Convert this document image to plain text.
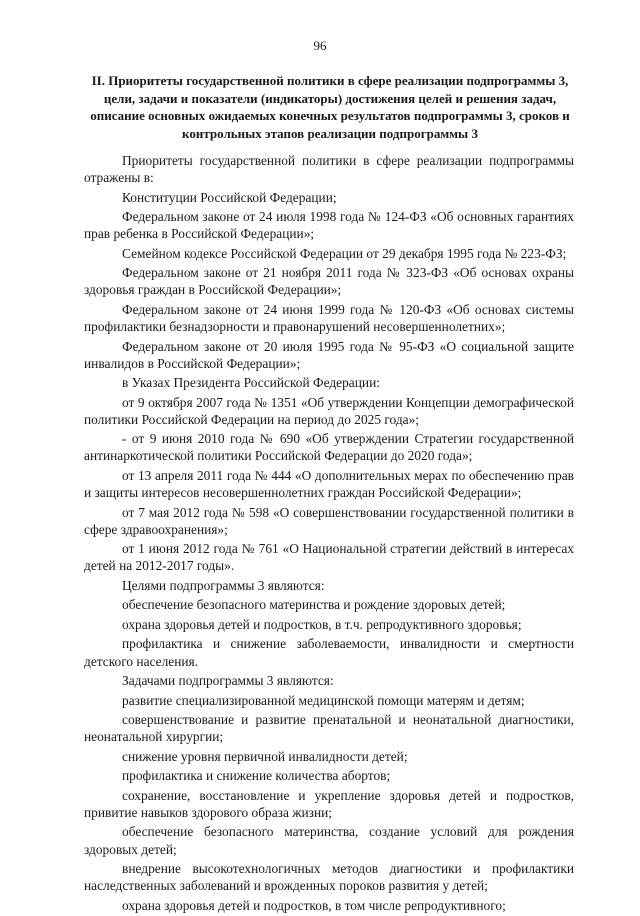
96
II. Приоритеты государственной политики в сфере реализации подпрограммы 3, цели, задачи и показатели (индикаторы) достижения целей и решения задач, описание основных ожидаемых конечных результатов подпрограммы 3, сроков и контрольных этапов реализации подпрограммы 3

Приоритеты государственной политики в сфере реализации подпрограммы отражены в:

Конституции Российской Федерации;

Федеральном законе от 24 июля 1998 года № 124-ФЗ «Об основных гарантиях прав ребенка в Российской Федерации»;

Семейном кодексе Российской Федерации от 29 декабря 1995 года № 223-ФЗ;

Федеральном законе от 21 ноября 2011 года № 323-ФЗ «Об основах охраны здоровья граждан в Российской Федерации»;

Федеральном законе от 24 июня 1999 года № 120-ФЗ «Об основах системы профилактики безнадзорности и правонарушений несовершеннолетних»;

Федеральном законе от 20 июля 1995 года № 95-ФЗ «О социальной защите инвалидов в Российской Федерации»;

в Указах Президента Российской Федерации:

от 9 октября 2007 года № 1351 «Об утверждении Концепции демографической политики Российской Федерации на период до 2025 года»;

- от 9 июня 2010 года № 690 «Об утверждении Стратегии государственной антинаркотической политики Российской Федерации до 2020 года»;

от 13 апреля 2011 года № 444 «О дополнительных мерах по обеспечению прав и защиты интересов несовершеннолетних граждан Российской Федерации»;

от 7 мая 2012 года № 598 «О совершенствовании государственной политики в сфере здравоохранения»;

от 1 июня 2012 года № 761 «О Национальной стратегии действий в интересах детей на 2012-2017 годы».

Целями подпрограммы 3 являются:

обеспечение безопасного материнства и рождение здоровых детей;

охрана здоровья детей и подростков, в т.ч. репродуктивного здоровья;

профилактика и снижение заболеваемости, инвалидности и смертности детского населения.

Задачами подпрограммы 3 являются:

развитие специализированной медицинской помощи матерям и детям;

совершенствование и развитие пренатальной и неонатальной диагностики, неонатальной хирургии;

снижение уровня первичной инвалидности детей;

профилактика и снижение количества абортов;

сохранение, восстановление и укрепление здоровья детей и подростков, привитие навыков здорового образа жизни;

обеспечение безопасного материнства, создание условий для рождения здоровых детей;

внедрение высокотехнологичных методов диагностики и профилактики наследственных заболеваний и врожденных пороков развития у детей;

охрана здоровья детей и подростков, в том числе репродуктивного;
